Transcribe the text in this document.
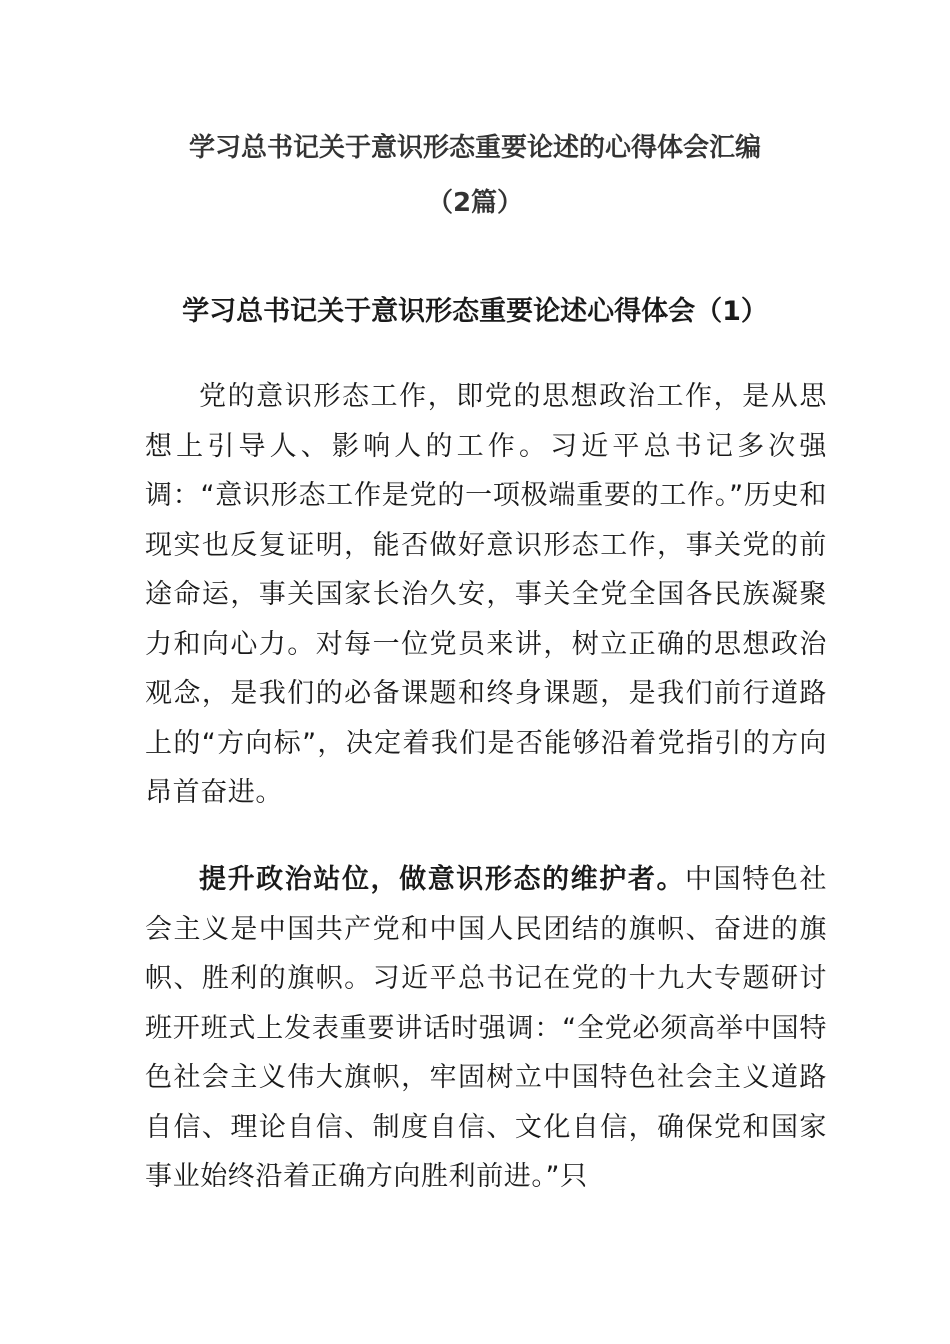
学习总书记关于意识形态重要论述的心得体会汇编
（2篇）
学习总书记关于意识形态重要论述心得体会（1）

党的意识形态工作，即党的思想政治工作，是从思想上引导人、影响人的工作。习近平总书记多次强调：“意识形态工作是党的一项极端重要的工作。”历史和现实也反复证明，能否做好意识形态工作，事关党的前途命运，事关国家长治久安，事关全党全国各民族凝聚力和向心力。对每一位党员来讲，树立正确的思想政治观念，是我们的必备课题和终身课题，是我们前行道路上的“方向标”，决定着我们是否能够沿着党指引的方向昂首奋进。

提升政治站位，做意识形态的维护者。中国特色社会主义是中国共产党和中国人民团结的旗帜、奋进的旗帜、胜利的旗帜。习近平总书记在党的十九大专题研讨班开班式上发表重要讲话时强调：“全党必须高举中国特色社会主义伟大旗帜，牢固树立中国特色社会主义道路自信、理论自信、制度自信、文化自信，确保党和国家事业始终沿着正确方向胜利前进。”只
